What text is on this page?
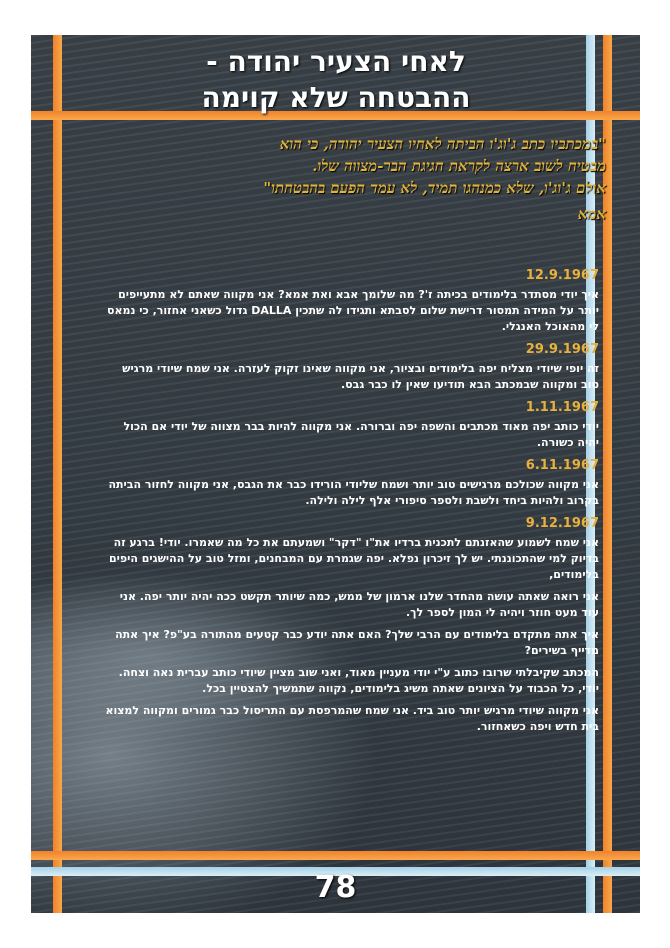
לאחי הצעיר יהודה -
ההבטחה שלא קוימה

"במכתביו כתב ג'וג'ו הביתה לאחיו הצעיר יהודה, כי הוא

מבטיח לשוב ארצה לקראת חגיגת הבר-מצווה שלו.

אולם ג'וג'ו, שלא כמנהגו תמיד, לא עמד הפעם בהבטחתו"

אמא

12.9.1967
איך יודי מסתדר בלימודים בכיתה ז'? מה שלומך אבא ואת אמא? אני מקווה שאתם לא מתעייפים יותר על המידה תמסור דרישת שלום לסבתא ותגידו לה שתכין DALLA גדול כשאני אחזור, כי נמאס לי מהאוכל האנגלי.
29.9.1967
זה יופי שיודי מצליח יפה בלימודים ובציור, אני מקווה שאינו זקוק לעזרה. אני שמח שיודי מרגיש טוב ומקווה שבמכתב הבא תודיעו שאין לו כבר גבס.
1.11.1967
יודי כותב יפה מאוד מכתבים והשפה יפה וברורה. אני מקווה להיות בבר מצווה של יודי אם הכול יהיה כשורה.
6.11.1967
אני מקווה שכולכם מרגישים טוב יותר ושמח שליודי הורידו כבר את הגבס, אני מקווה לחזור הביתה בקרוב ולהיות ביחד ולשבת ולספר סיפורי אלף לילה ולילה.
9.12.1967
אני שמח לשמוע שהאזנתם לתכנית ברדיו את"ו "דקר" ושמעתם את כל מה שאמרו. יודי! ברגע זה בדיוק למי שהתכוננתי. יש לך זיכרון נפלא. יפה שגמרת עם המבחנים, ומזל טוב על ההישגים היפים בלימודים,
אני רואה שאתה עושה מהחדר שלנו ארמון של ממש, כמה שיותר תקשט ככה יהיה יותר יפה. אני עוד מעט חוזר ויהיה לי המון לספר לך.
איך אתה מתקדם בלימודים עם הרבי שלך? האם אתה יודע כבר קטעים מהתורה בע"פ? איך אתה מדייף בשירים?
המכתב שקיבלתי שרובו כתוב ע"י יודי מעניין מאוד, ואני שוב מציין שיודי כותב עברית נאה וצחה. יודי, כל הכבוד על הציונים שאתה משיג בלימודים, נקווה שתמשיך להצטיין בכל.
אני מקווה שיודי מרגיש יותר טוב ביד. אני שמח שהמרפסת עם התריסול כבר גמורים ומקווה למצוא בית חדש ויפה כשאחזור.
78
